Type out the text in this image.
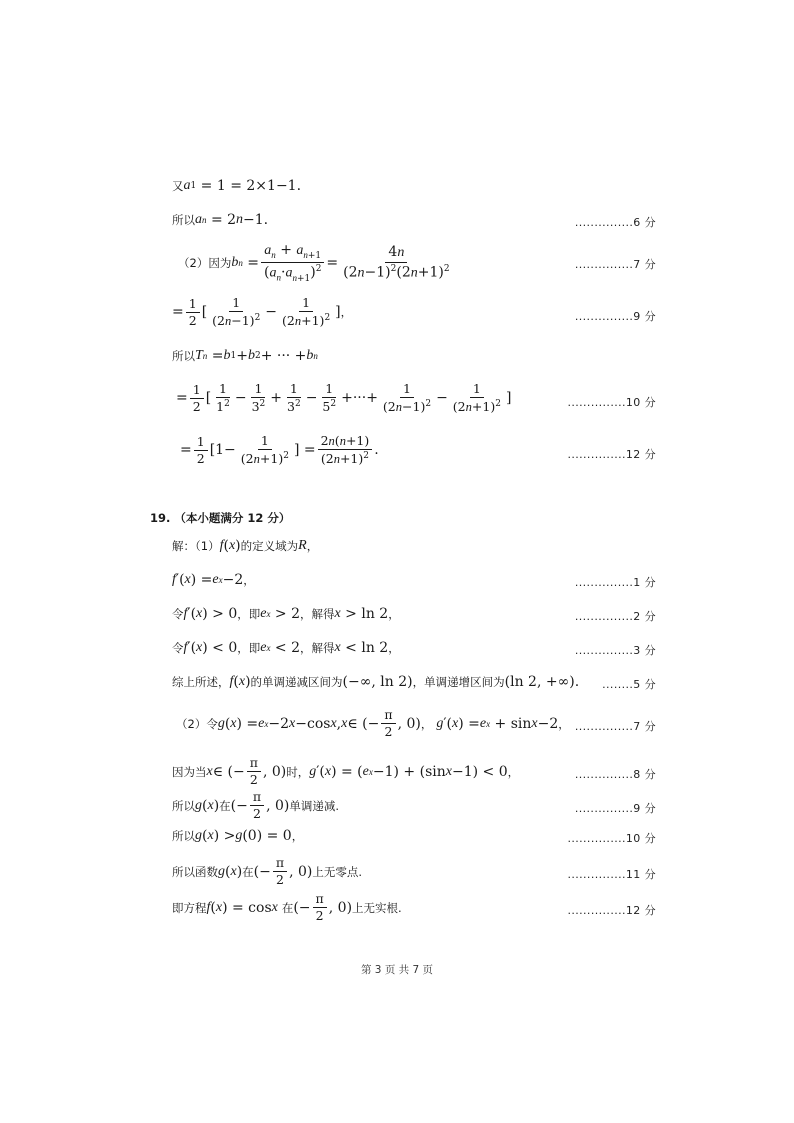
又 a 1 = 1 = 2×1−1.
所以 a n = 2 n −1.	...............6 分
（2）因为 b $n = \frac{a_n + a_{n+1}}{(a_n\cdot a_{n+1})^2} = \frac{4n}{(2n-1)^2(2n+1)^2}$	...............7 分
= $\frac{1}{2}$ [ $\frac{1}{(2n-1)^2} - \frac{1}{(2n+1)^2}$ ] ，	...............9 分
所以 T n = b 1 + b 2 + ··· + b n
= $\frac{1}{2}$ [ $\frac{1}{1^2} - \frac{1}{3^2} + \frac{1}{3^2} - \frac{1}{5^2}$ +···+ $\frac{1}{(2n-1)^2} - \frac{1}{(2n+1)^2}$ ]	...............10 分
= $\frac{1}{2} [1- \frac{1}{(2n+1)^2}$ ] = $\frac{2n(n+1)}{(2n+1)^2}$ .	...............12 分
19. （本小题满分 12 分）
解：（1） f ( x ) 的定义域为 R ，
f ′( x ) = e x −2 ，	...............1 分
令 f ′( x ) > 0 ，即 e x > 2 ，解得 x > ln 2 ，	...............2 分
令 f ′( x ) < 0 ，即 e x < 2 ，解得 x < ln 2 ，	...............3 分
综上所述， f ( x ) 的单调递减区间为 (−∞, ln 2) ，单调递增区间为 (ln 2, +∞). ........5 分
（2）令 g ( x ) = e x −2 x −cos x , x ∈ (− $\frac{\pi}{2}$ , 0) ， g ′( x ) = e x + sin x −2 ， ...............7 分
因为当 x ∈ (− $\frac{\pi}{2}$ , 0) 时， g ′( x ) = ( e x −1) + (sin x −1) < 0 ，	...............8 分
所以 g ( x ) 在 (− $\frac{\pi}{2}$ , 0) 单调递减.	...............9 分
所以 g ( x ) > g (0) = 0 ，	...............10 分
所以函数 g ( x ) 在 (− $\frac{\pi}{2}$ , 0) 上无零点.	...............11 分
即方程 f ( x ) = cos x 在 (− $\frac{\pi}{2}$ , 0) 上无实根.	...............12 分
第 3 页 共 7 页
